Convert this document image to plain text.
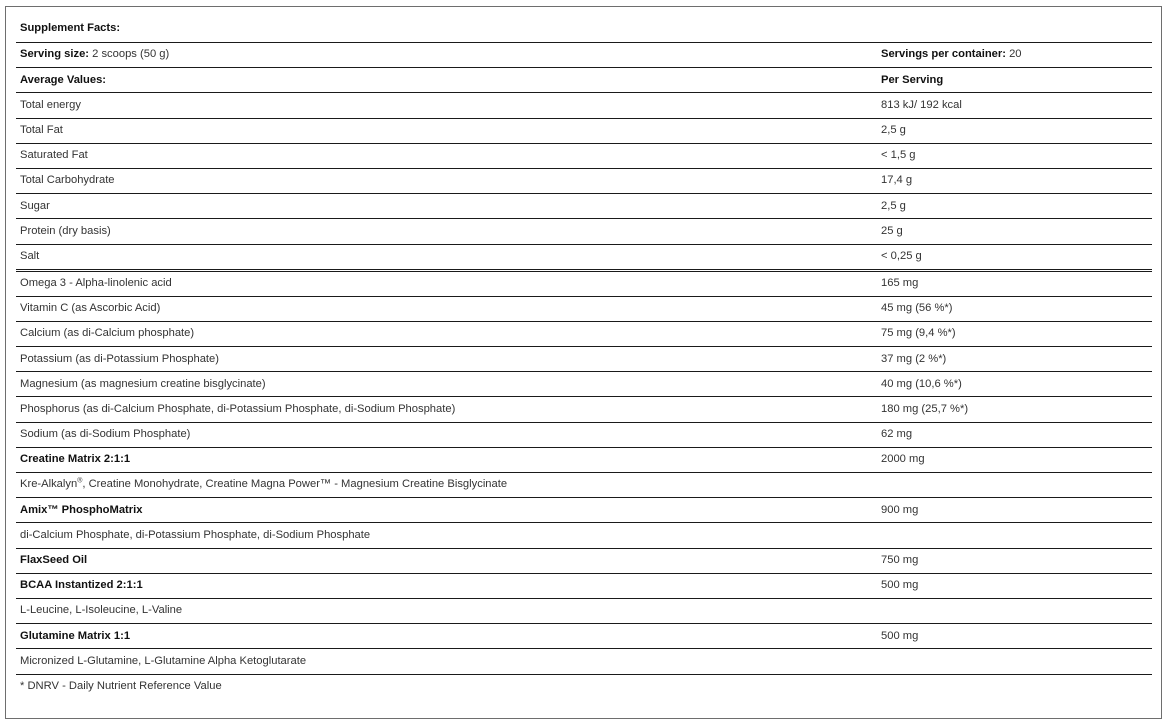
Supplement Facts:
Serving size: 2 scoops (50 g)	Servings per container: 20
Average Values:	Per Serving
Total energy	813 kJ/ 192 kcal
Total Fat	2,5 g
Saturated Fat	< 1,5 g
Total Carbohydrate	17,4 g
Sugar	2,5 g
Protein (dry basis)	25 g
Salt	< 0,25 g
Omega 3 - Alpha-linolenic acid	165 mg
Vitamin C (as Ascorbic Acid)	45 mg (56 %*)
Calcium (as di-Calcium phosphate)	75 mg (9,4 %*)
Potassium (as di-Potassium Phosphate)	37 mg (2 %*)
Magnesium (as magnesium creatine bisglycinate)	40 mg (10,6 %*)
Phosphorus (as di-Calcium Phosphate, di-Potassium Phosphate, di-Sodium Phosphate)	180 mg (25,7 %*)
Sodium (as di-Sodium Phosphate)	62 mg
Creatine Matrix 2:1:1	2000 mg
Kre-Alkalyn®, Creatine Monohydrate, Creatine Magna Power™ - Magnesium Creatine Bisglycinate
Amix™ PhosphoMatrix	900 mg
di-Calcium Phosphate, di-Potassium Phosphate, di-Sodium Phosphate
FlaxSeed Oil	750 mg
BCAA Instantized 2:1:1	500 mg
L-Leucine, L-Isoleucine, L-Valine
Glutamine Matrix 1:1	500 mg
Micronized L-Glutamine, L-Glutamine Alpha Ketoglutarate
* DNRV - Daily Nutrient Reference Value
